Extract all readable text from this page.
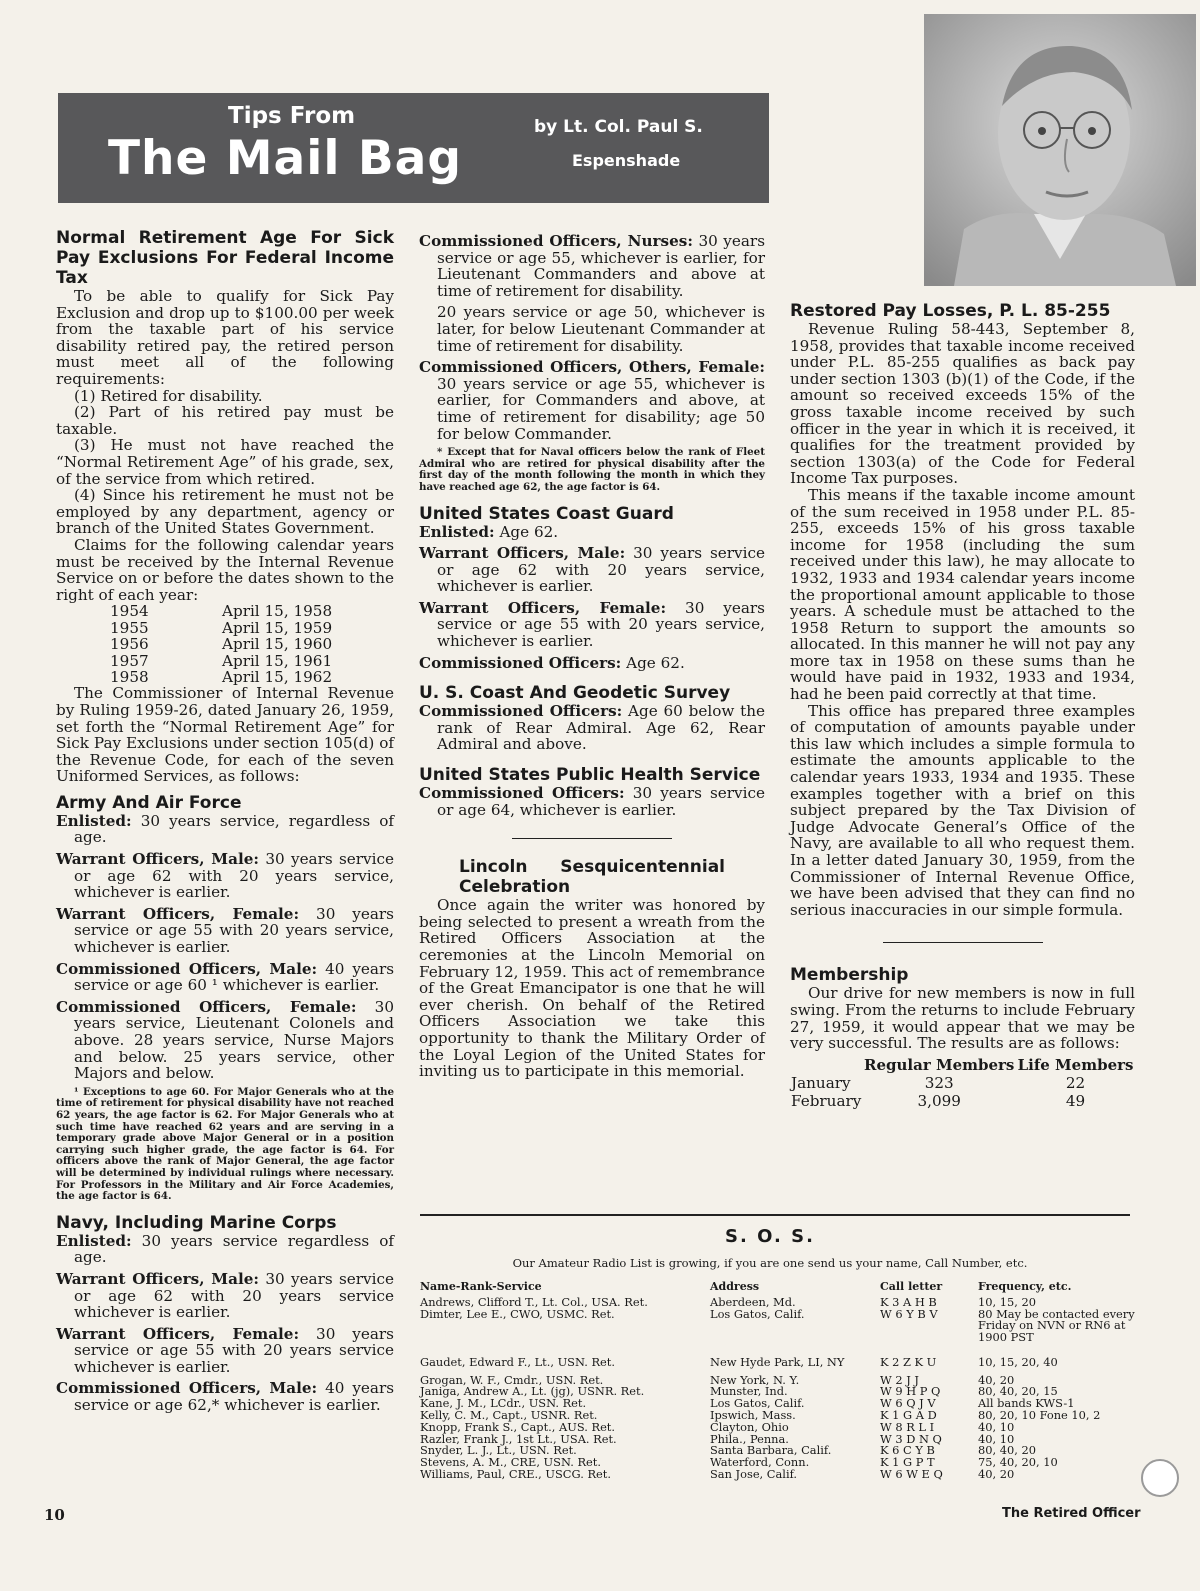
Tips From
The Mail Bag
by Lt. Col. Paul S.
Espenshade

Normal Retirement Age For Sick Pay Exclusions For Federal Income Tax

To be able to qualify for Sick Pay Exclusion and drop up to $100.00 per week from the taxable part of his service disability retired pay, the retired person must meet all of the following requirements:

(1) Retired for disability.

(2) Part of his retired pay must be taxable.

(3) He must not have reached the “Normal Retirement Age” of his grade, sex, of the service from which retired.

(4) Since his retirement he must not be employed by any department, agency or branch of the United States Government.

Claims for the following calendar years must be received by the Internal Revenue Service on or before the dates shown to the right of each year:

1954	April 15, 1958
1955	April 15, 1959
1956	April 15, 1960
1957	April 15, 1961
1958	April 15, 1962

The Commissioner of Internal Revenue by Ruling 1959-26, dated January 26, 1959, set forth the “Normal Retirement Age” for Sick Pay Exclusions under section 105(d) of the Revenue Code, for each of the seven Uniformed Services, as follows:

Army And Air Force

Enlisted: 30 years service, regardless of age.

Warrant Officers, Male: 30 years service or age 62 with 20 years service, whichever is earlier.

Warrant Officers, Female: 30 years service or age 55 with 20 years service, whichever is earlier.

Commissioned Officers, Male: 40 years service or age 60 ¹ whichever is earlier.

Commissioned Officers, Female: 30 years service, Lieutenant Colonels and above. 28 years service, Nurse Majors and below. 25 years service, other Majors and below.

¹ Exceptions to age 60. For Major Generals who at the time of retirement for physical disability have not reached 62 years, the age factor is 62. For Major Generals who at such time have reached 62 years and are serving in a temporary grade above Major General or in a position carrying such higher grade, the age factor is 64. For officers above the rank of Major General, the age factor will be determined by individual rulings where necessary. For Professors in the Military and Air Force Academies, the age factor is 64.

Navy, Including Marine Corps

Enlisted: 30 years service regardless of age.

Warrant Officers, Male: 30 years service or age 62 with 20 years service whichever is earlier.

Warrant Officers, Female: 30 years service or age 55 with 20 years service whichever is earlier.

Commissioned Officers, Male: 40 years service or age 62,* whichever is earlier.

Commissioned Officers, Nurses: 30 years service or age 55, whichever is earlier, for Lieutenant Commanders and above at time of retirement for disability.

20 years service or age 50, whichever is later, for below Lieutenant Commander at time of retirement for disability.

Commissioned Officers, Others, Female: 30 years service or age 55, whichever is earlier, for Commanders and above, at time of retirement for disability; age 50 for below Commander.

* Except that for Naval officers below the rank of Fleet Admiral who are retired for physical disability after the first day of the month following the month in which they have reached age 62, the age factor is 64.

United States Coast Guard

Enlisted: Age 62.

Warrant Officers, Male: 30 years service or age 62 with 20 years service, whichever is earlier.

Warrant Officers, Female: 30 years service or age 55 with 20 years service, whichever is earlier.

Commissioned Officers: Age 62.

U. S. Coast And Geodetic Survey

Commissioned Officers: Age 60 below the rank of Rear Admiral. Age 62, Rear Admiral and above.

United States Public Health Service

Commissioned Officers: 30 years service or age 64, whichever is earlier.

Lincoln Sesquicentennial Celebration

Once again the writer was honored by being selected to present a wreath from the Retired Officers Association at the ceremonies at the Lincoln Memorial on February 12, 1959. This act of remembrance of the Great Emancipator is one that he will ever cherish. On behalf of the Retired Officers Association we take this opportunity to thank the Military Order of the Loyal Legion of the United States for inviting us to participate in this memorial.

Restored Pay Losses, P. L. 85-255

Revenue Ruling 58-443, September 8, 1958, provides that taxable income received under P.L. 85-255 qualifies as back pay under section 1303 (b)(1) of the Code, if the amount so received exceeds 15% of the gross taxable income received by such officer in the year in which it is received, it qualifies for the treatment provided by section 1303(a) of the Code for Federal Income Tax purposes.

This means if the taxable income amount of the sum received in 1958 under P.L. 85-255, exceeds 15% of his gross taxable income for 1958 (including the sum received under this law), he may allocate to 1932, 1933 and 1934 calendar years income the proportional amount applicable to those years. A schedule must be attached to the 1958 Return to support the amounts so allocated. In this manner he will not pay any more tax in 1958 on these sums than he would have paid in 1932, 1933 and 1934, had he been paid correctly at that time.

This office has prepared three examples of computation of amounts payable under this law which includes a simple formula to estimate the amounts applicable to the calendar years 1933, 1934 and 1935. These examples together with a brief on this subject prepared by the Tax Division of Judge Advocate General’s Office of the Navy, are available to all who request them. In a letter dated January 30, 1959, from the Commissioner of Internal Revenue Office, we have been advised that they can find no serious inaccuracies in our simple formula.

Membership

Our drive for new members is now in full swing. From the returns to include February 27, 1959, it would appear that we may be very successful. The results are as follows:

	Regular Members	Life Members
January	323	22
February	3,099	49
S. O. S.
Our Amateur Radio List is growing, if you are one send us your name, Call Number, etc.
Name-Rank-Service	Address	Call letter	Frequency, etc.
Andrews, Clifford T., Lt. Col., USA. Ret.	Aberdeen, Md.	K 3 A H B	10, 15, 20
Dimter, Lee E., CWO, USMC. Ret.	Los Gatos, Calif.	W 6 Y B V	80 May be contacted every Friday on NVN or RN6 at 1900 PST
Gaudet, Edward F., Lt., USN. Ret.	New Hyde Park, LI, NY	K 2 Z K U	10, 15, 20, 40
Grogan, W. F., Cmdr., USN. Ret.	New York, N. Y.	W 2 J J	40, 20
Janiga, Andrew A., Lt. (jg), USNR. Ret.	Munster, Ind.	W 9 H P Q	80, 40, 20, 15
Kane, J. M., LCdr., USN. Ret.	Los Gatos, Calif.	W 6 Q J V	All bands KWS-1
Kelly, C. M., Capt., USNR. Ret.	Ipswich, Mass.	K 1 G A D	80, 20, 10 Fone 10, 2
Knopp, Frank S., Capt., AUS. Ret.	Clayton, Ohio	W 8 R L I	40, 10
Razler, Frank J., 1st Lt., USA. Ret.	Phila., Penna.	W 3 D N Q	40, 10
Snyder, L. J., Lt., USN. Ret.	Santa Barbara, Calif.	K 6 C Y B	80, 40, 20
Stevens, A. M., CRE, USN. Ret.	Waterford, Conn.	K 1 G P T	75, 40, 20, 10
Williams, Paul, CRE., USCG. Ret.	San Jose, Calif.	W 6 W E Q	40, 20
10	The Retired Officer
